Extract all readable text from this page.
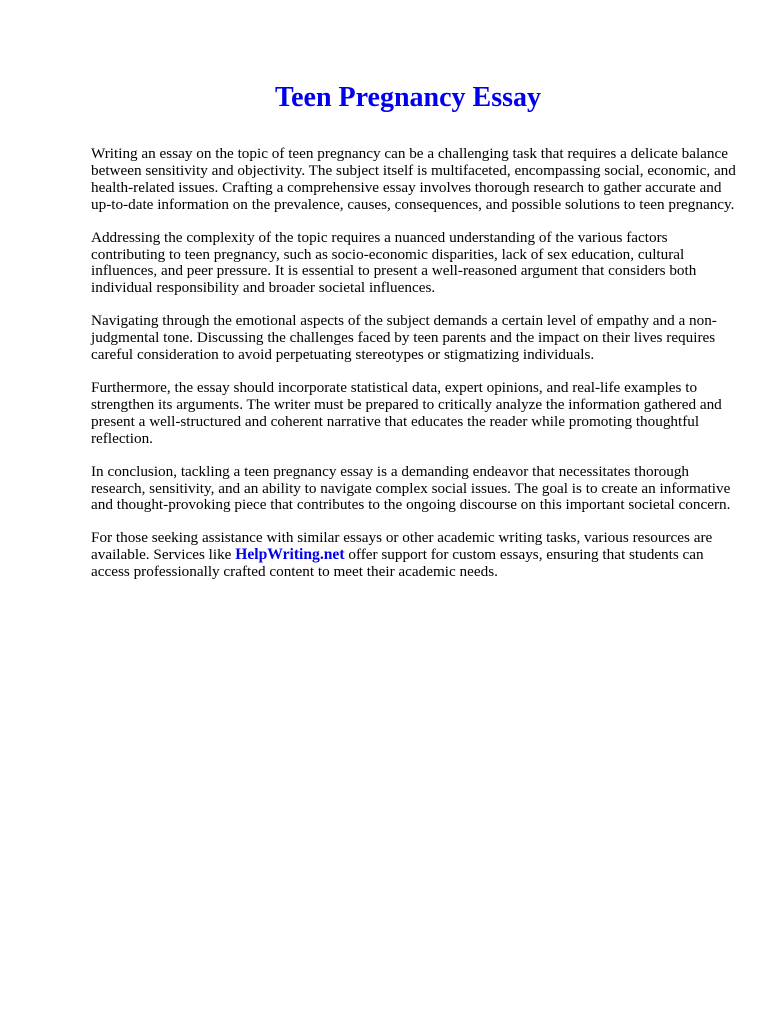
Teen Pregnancy Essay

Writing an essay on the topic of teen pregnancy can be a challenging task that requires a delicate balance between sensitivity and objectivity. The subject itself is multifaceted, encompassing social, economic, and health-related issues. Crafting a comprehensive essay involves thorough research to gather accurate and up-to-date information on the prevalence, causes, consequences, and possible solutions to teen pregnancy.

Addressing the complexity of the topic requires a nuanced understanding of the various factors contributing to teen pregnancy, such as socio-economic disparities, lack of sex education, cultural influences, and peer pressure. It is essential to present a well-reasoned argument that considers both individual responsibility and broader societal influences.

Navigating through the emotional aspects of the subject demands a certain level of empathy and a non-judgmental tone. Discussing the challenges faced by teen parents and the impact on their lives requires careful consideration to avoid perpetuating stereotypes or stigmatizing individuals.

Furthermore, the essay should incorporate statistical data, expert opinions, and real-life examples to strengthen its arguments. The writer must be prepared to critically analyze the information gathered and present a well-structured and coherent narrative that educates the reader while promoting thoughtful reflection.

In conclusion, tackling a teen pregnancy essay is a demanding endeavor that necessitates thorough research, sensitivity, and an ability to navigate complex social issues. The goal is to create an informative and thought-provoking piece that contributes to the ongoing discourse on this important societal concern.

For those seeking assistance with similar essays or other academic writing tasks, various resources are available. Services like HelpWriting.net offer support for custom essays, ensuring that students can access professionally crafted content to meet their academic needs.
